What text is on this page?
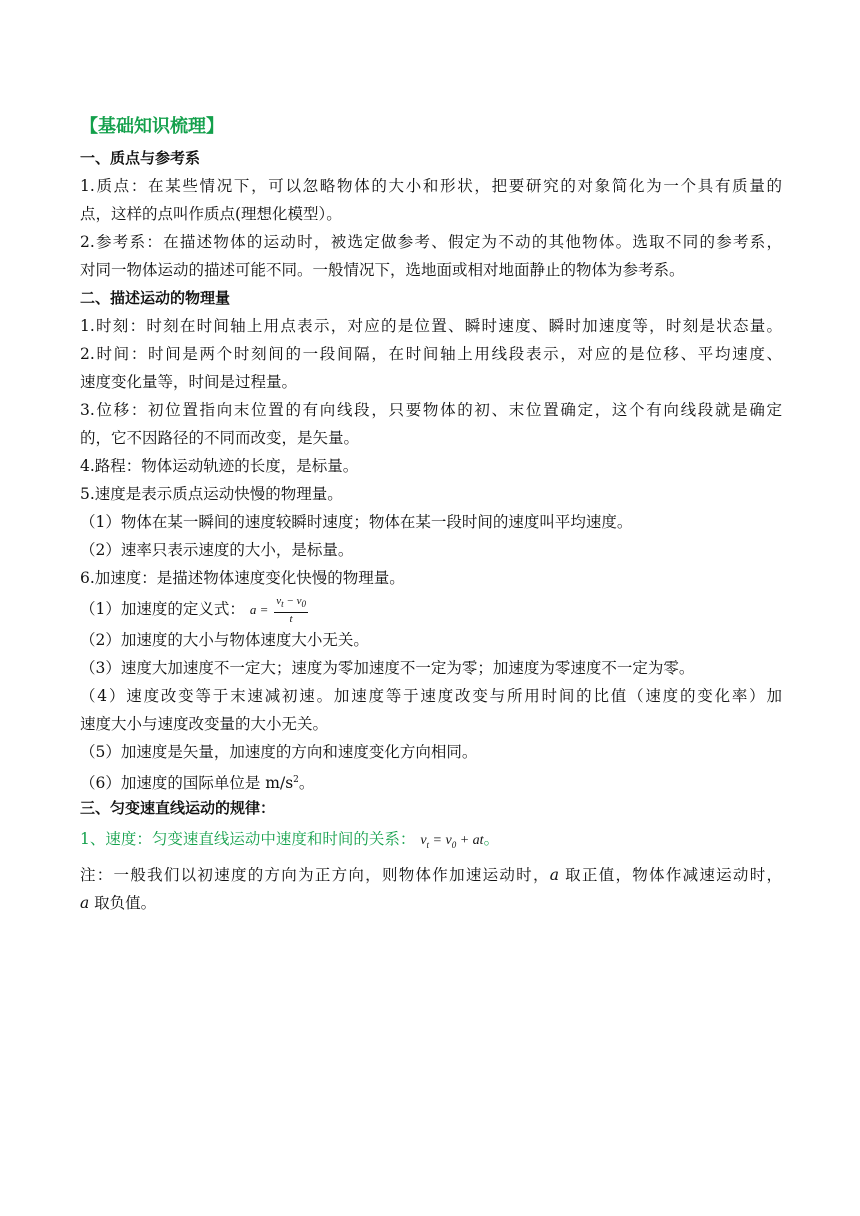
【基础知识梳理】
一、质点与参考系
1.质点：在某些情况下，可以忽略物体的大小和形状，把要研究的对象简化为一个具有质量的
点，这样的点叫作质点(理想化模型）。
2.参考系：在描述物体的运动时，被选定做参考、假定为不动的其他物体。选取不同的参考系，
对同一物体运动的描述可能不同。一般情况下，选地面或相对地面静止的物体为参考系。
二、描述运动的物理量
1.时刻：时刻在时间轴上用点表示，对应的是位置、瞬时速度、瞬时加速度等，时刻是状态量。
2.时间：时间是两个时刻间的一段间隔，在时间轴上用线段表示，对应的是位移、平均速度、
速度变化量等，时间是过程量。
3.位移：初位置指向末位置的有向线段，只要物体的初、末位置确定，这个有向线段就是确定
的，它不因路径的不同而改变，是矢量。
4.路程：物体运动轨迹的长度，是标量。
5.速度是表示质点运动快慢的物理量。
（1）物体在某一瞬间的速度较瞬时速度；物体在某一段时间的速度叫平均速度。
（2）速率只表示速度的大小，是标量。
6.加速度：是描述物体速度变化快慢的物理量。
（1）加速度的定义式： $a = \frac{v_t - v_0}{t}$
（2）加速度的大小与物体速度大小无关。
（3）速度大加速度不一定大；速度为零加速度不一定为零；加速度为零速度不一定为零。
（4）速度改变等于末速减初速。加速度等于速度改变与所用时间的比值（速度的变化率）加
速度大小与速度改变量的大小无关。
（5）加速度是矢量，加速度的方向和速度变化方向相同。
（6）加速度的国际单位是 $m/s^2$。
三、匀变速直线运动的规律：
1、速度：匀变速直线运动中速度和时间的关系： $v_t = v_0$ + at。
注：一般我们以初速度的方向为正方向，则物体作加速运动时，a 取正值，物体作减速运动时，
a 取负值。
